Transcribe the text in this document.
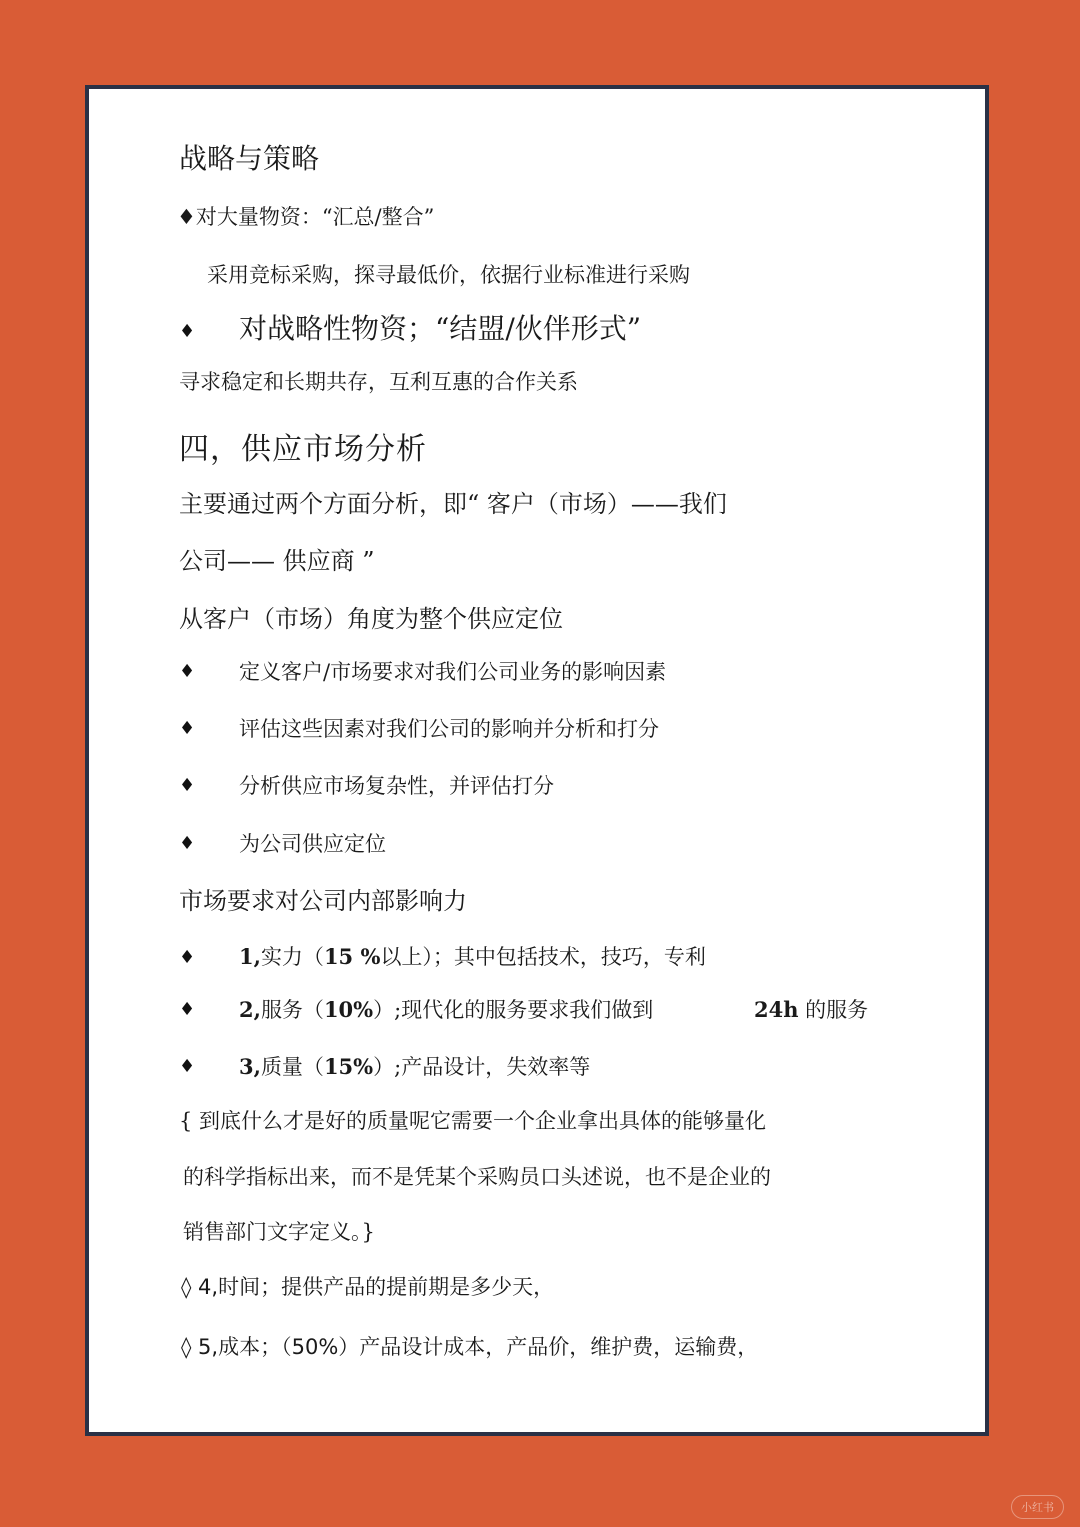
战略与策略
♦对大量物资：“汇总/整合”
采用竞标采购，探寻最低价，依据行业标准进行采购
♦ 对战略性物资；“结盟/伙伴形式”
寻求稳定和长期共存，互利互惠的合作关系
四，供应市场分析
主要通过两个方面分析，即“ 客户（市场）——我们
公司—— 供应商 ”
从客户（市场）角度为整个供应定位
♦ 定义客户/市场要求对我们公司业务的影响因素
♦ 评估这些因素对我们公司的影响并分析和打分
♦ 分析供应市场复杂性，并评估打分
♦ 为公司供应定位
市场要求对公司内部影响力
♦ 1,实力（15 %以上）；其中包括技术，技巧，专利
♦ 2,服务（10%）;现代化的服务要求我们做到	24h 的服务
♦ 3,质量（15%）;产品设计，失效率等
{ 到底什么才是好的质量呢它需要一个企业拿出具体的能够量化
的科学指标出来，而不是凭某个采购员口头述说，也不是企业的
销售部门文字定义。}
◊ 4,时间；提供产品的提前期是多少天，
◊ 5,成本；（50%）产品设计成本，产品价，维护费，运输费，
小红书
